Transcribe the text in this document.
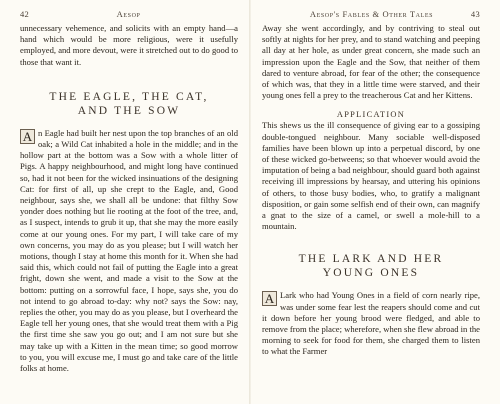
42	Aesop

unnecessary vehemence, and solicits with an empty hand—a hand which would be more religious, were it usefully employed, and more devout, were it stretched out to do good to those that want it.

THE EAGLE, THE CAT,
AND THE SOW

A n Eagle had built her nest upon the top branches of an old oak; a Wild Cat inhabited a hole in the middle; and in the hollow part at the bottom was a Sow with a whole litter of Pigs. A happy neighbourhood, and might long have continued so, had it not been for the wicked insinuations of the designing Cat: for first of all, up she crept to the Eagle, and, Good neighbour, says she, we shall all be undone: that filthy Sow yonder does nothing but lie rooting at the foot of the tree, and, as I suspect, intends to grub it up, that she may the more easily come at our young ones. For my part, I will take care of my own concerns, you may do as you please; but I will watch her motions, though I stay at home this month for it. When she had said this, which could not fail of putting the Eagle into a great fright, down she went, and made a visit to the Sow at the bottom: putting on a sorrowful face, I hope, says she, you do not intend to go abroad to-day: why not? says the Sow: nay, replies the other, you may do as you please, but I overheard the Eagle tell her young ones, that she would treat them with a Pig the first time she saw you go out; and I am not sure but she may take up with a Kitten in the mean time; so good morrow to you, you will excuse me, I must go and take care of the little folks at home.

Aesop's Fables & Other Tales	43

Away she went accordingly, and by contriving to steal out softly at nights for her prey, and to stand watching and peeping all day at her hole, as under great concern, she made such an impression upon the Eagle and the Sow, that neither of them dared to venture abroad, for fear of the other; the consequence of which was, that they in a little time were starved, and their young ones fell a prey to the treacherous Cat and her Kittens.

APPLICATION

This shews us the ill consequence of giving ear to a gossiping double-tongued neighbour. Many sociable well-disposed families have been blown up into a perpetual discord, by one of these wicked go-betweens; so that whoever would avoid the imputation of being a bad neighbour, should guard both against receiving ill impressions by hearsay, and uttering his opinions of others, to those busy bodies, who, to gratify a malignant disposition, or gain some selfish end of their own, can magnify a gnat to the size of a camel, or swell a mole-hill to a mountain.

THE LARK AND HER
YOUNG ONES

A Lark who had Young Ones in a field of corn nearly ripe, was under some fear lest the reapers should come and cut it down before her young brood were fledged, and able to remove from the place; wherefore, when she flew abroad in the morning to seek for food for them, she charged them to listen to what the Farmer
